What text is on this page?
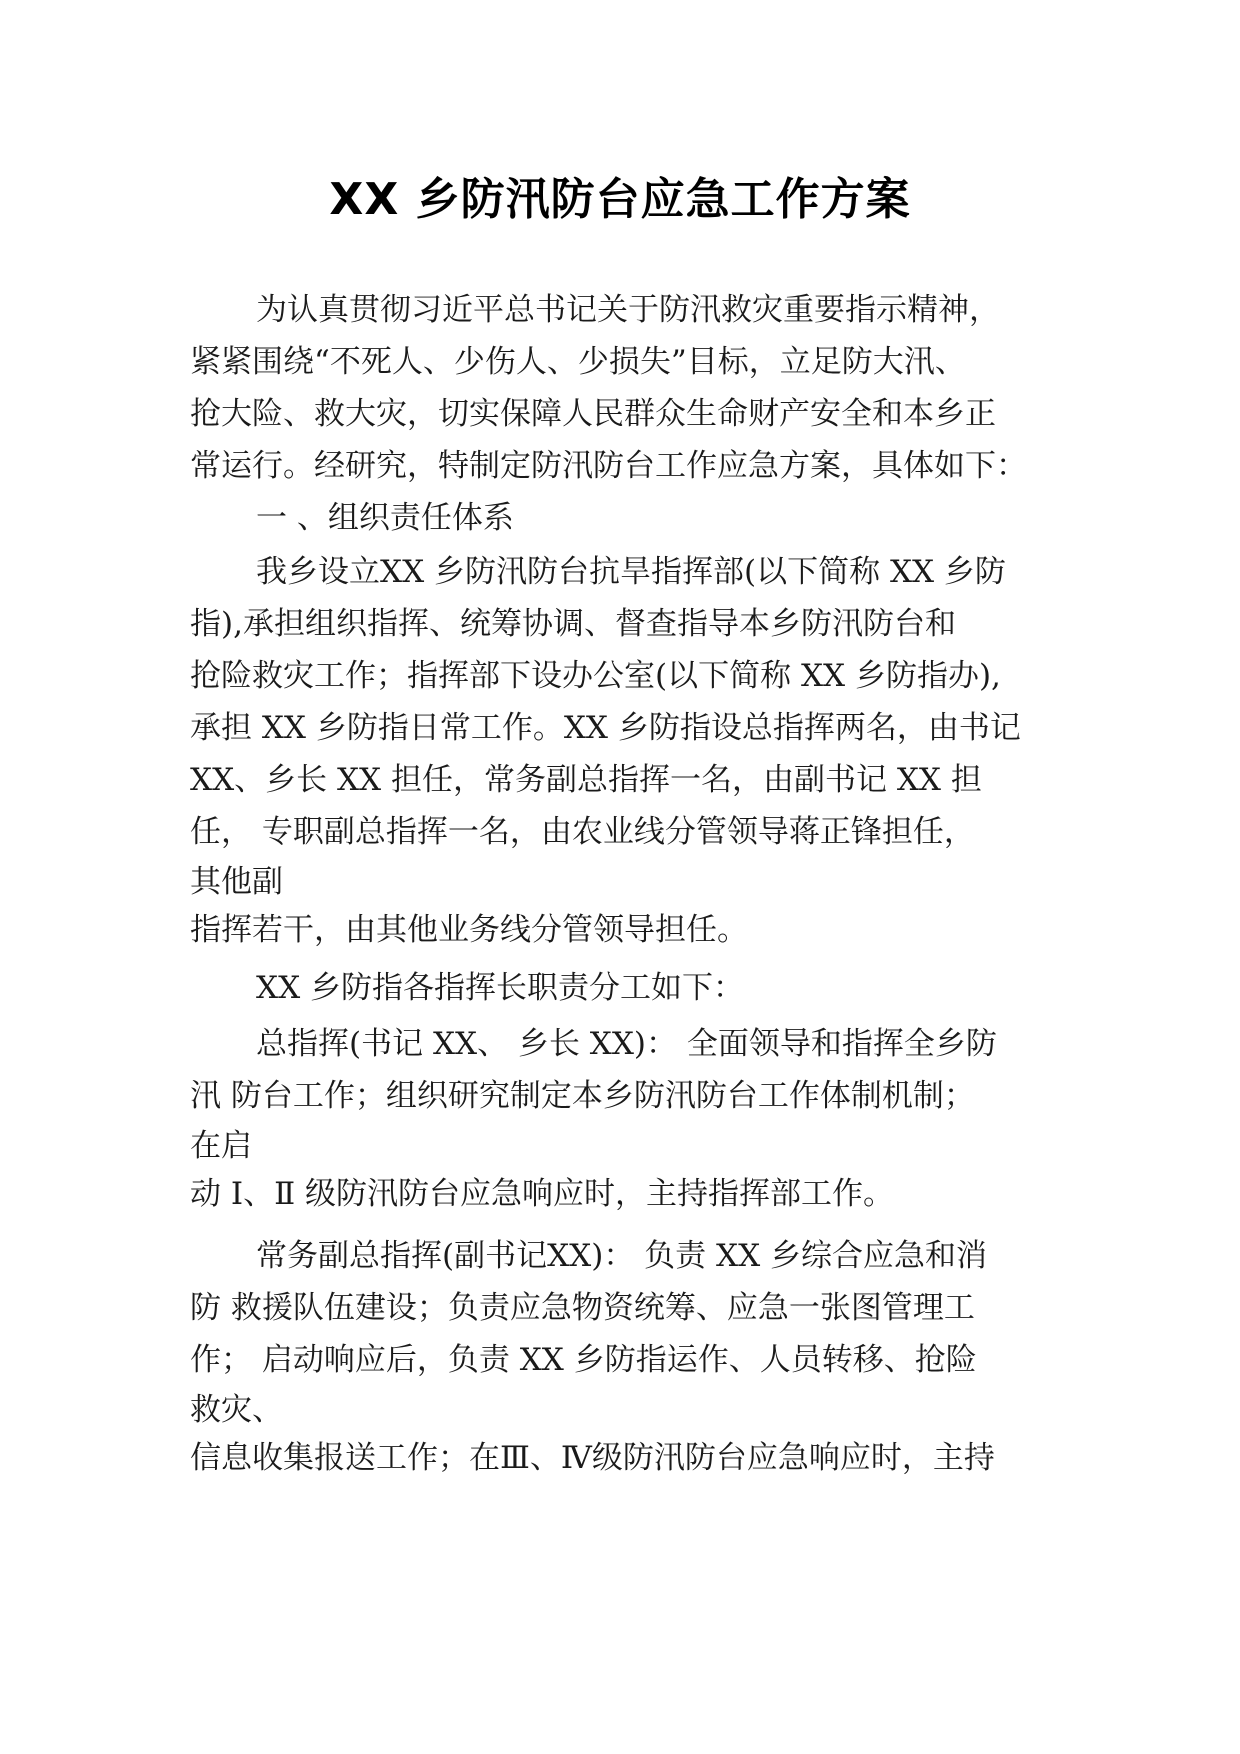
XX 乡防汛防台应急工作方案
为认真贯彻习近平总书记关于防汛救灾重要指示精神，
紧紧围绕“不死人、少伤人、少损失”目标，立足防大汛、
抢大险、救大灾，切实保障人民群众生命财产安全和本乡正
常运行。经研究，特制定防汛防台工作应急方案，具体如下：
一 、组织责任体系
我乡设立XX 乡防汛防台抗旱指挥部(以下简称 XX 乡防
指),承担组织指挥、统筹协调、督查指导本乡防汛防台和
抢险救灾工作；指挥部下设办公室(以下简称 XX 乡防指办),
承担 XX 乡防指日常工作。XX 乡防指设总指挥两名，由书记
XX、乡长 XX 担任，常务副总指挥一名，由副书记 XX 担
任， 专职副总指挥一名，由农业线分管领导蒋正锋担任，
其他副
指挥若干，由其他业务线分管领导担任。
XX 乡防指各指挥长职责分工如下：
总指挥(书记 XX、 乡长 XX)： 全面领导和指挥全乡防
汛 防台工作；组织研究制定本乡防汛防台工作体制机制；
在启
动 Ⅰ、Ⅱ 级防汛防台应急响应时，主持指挥部工作。
常务副总指挥(副书记XX)： 负责 XX 乡综合应急和消
防 救援队伍建设；负责应急物资统筹、应急一张图管理工
作； 启动响应后，负责 XX 乡防指运作、人员转移、抢险
救灾、
信息收集报送工作；在Ⅲ、Ⅳ级防汛防台应急响应时，主持
